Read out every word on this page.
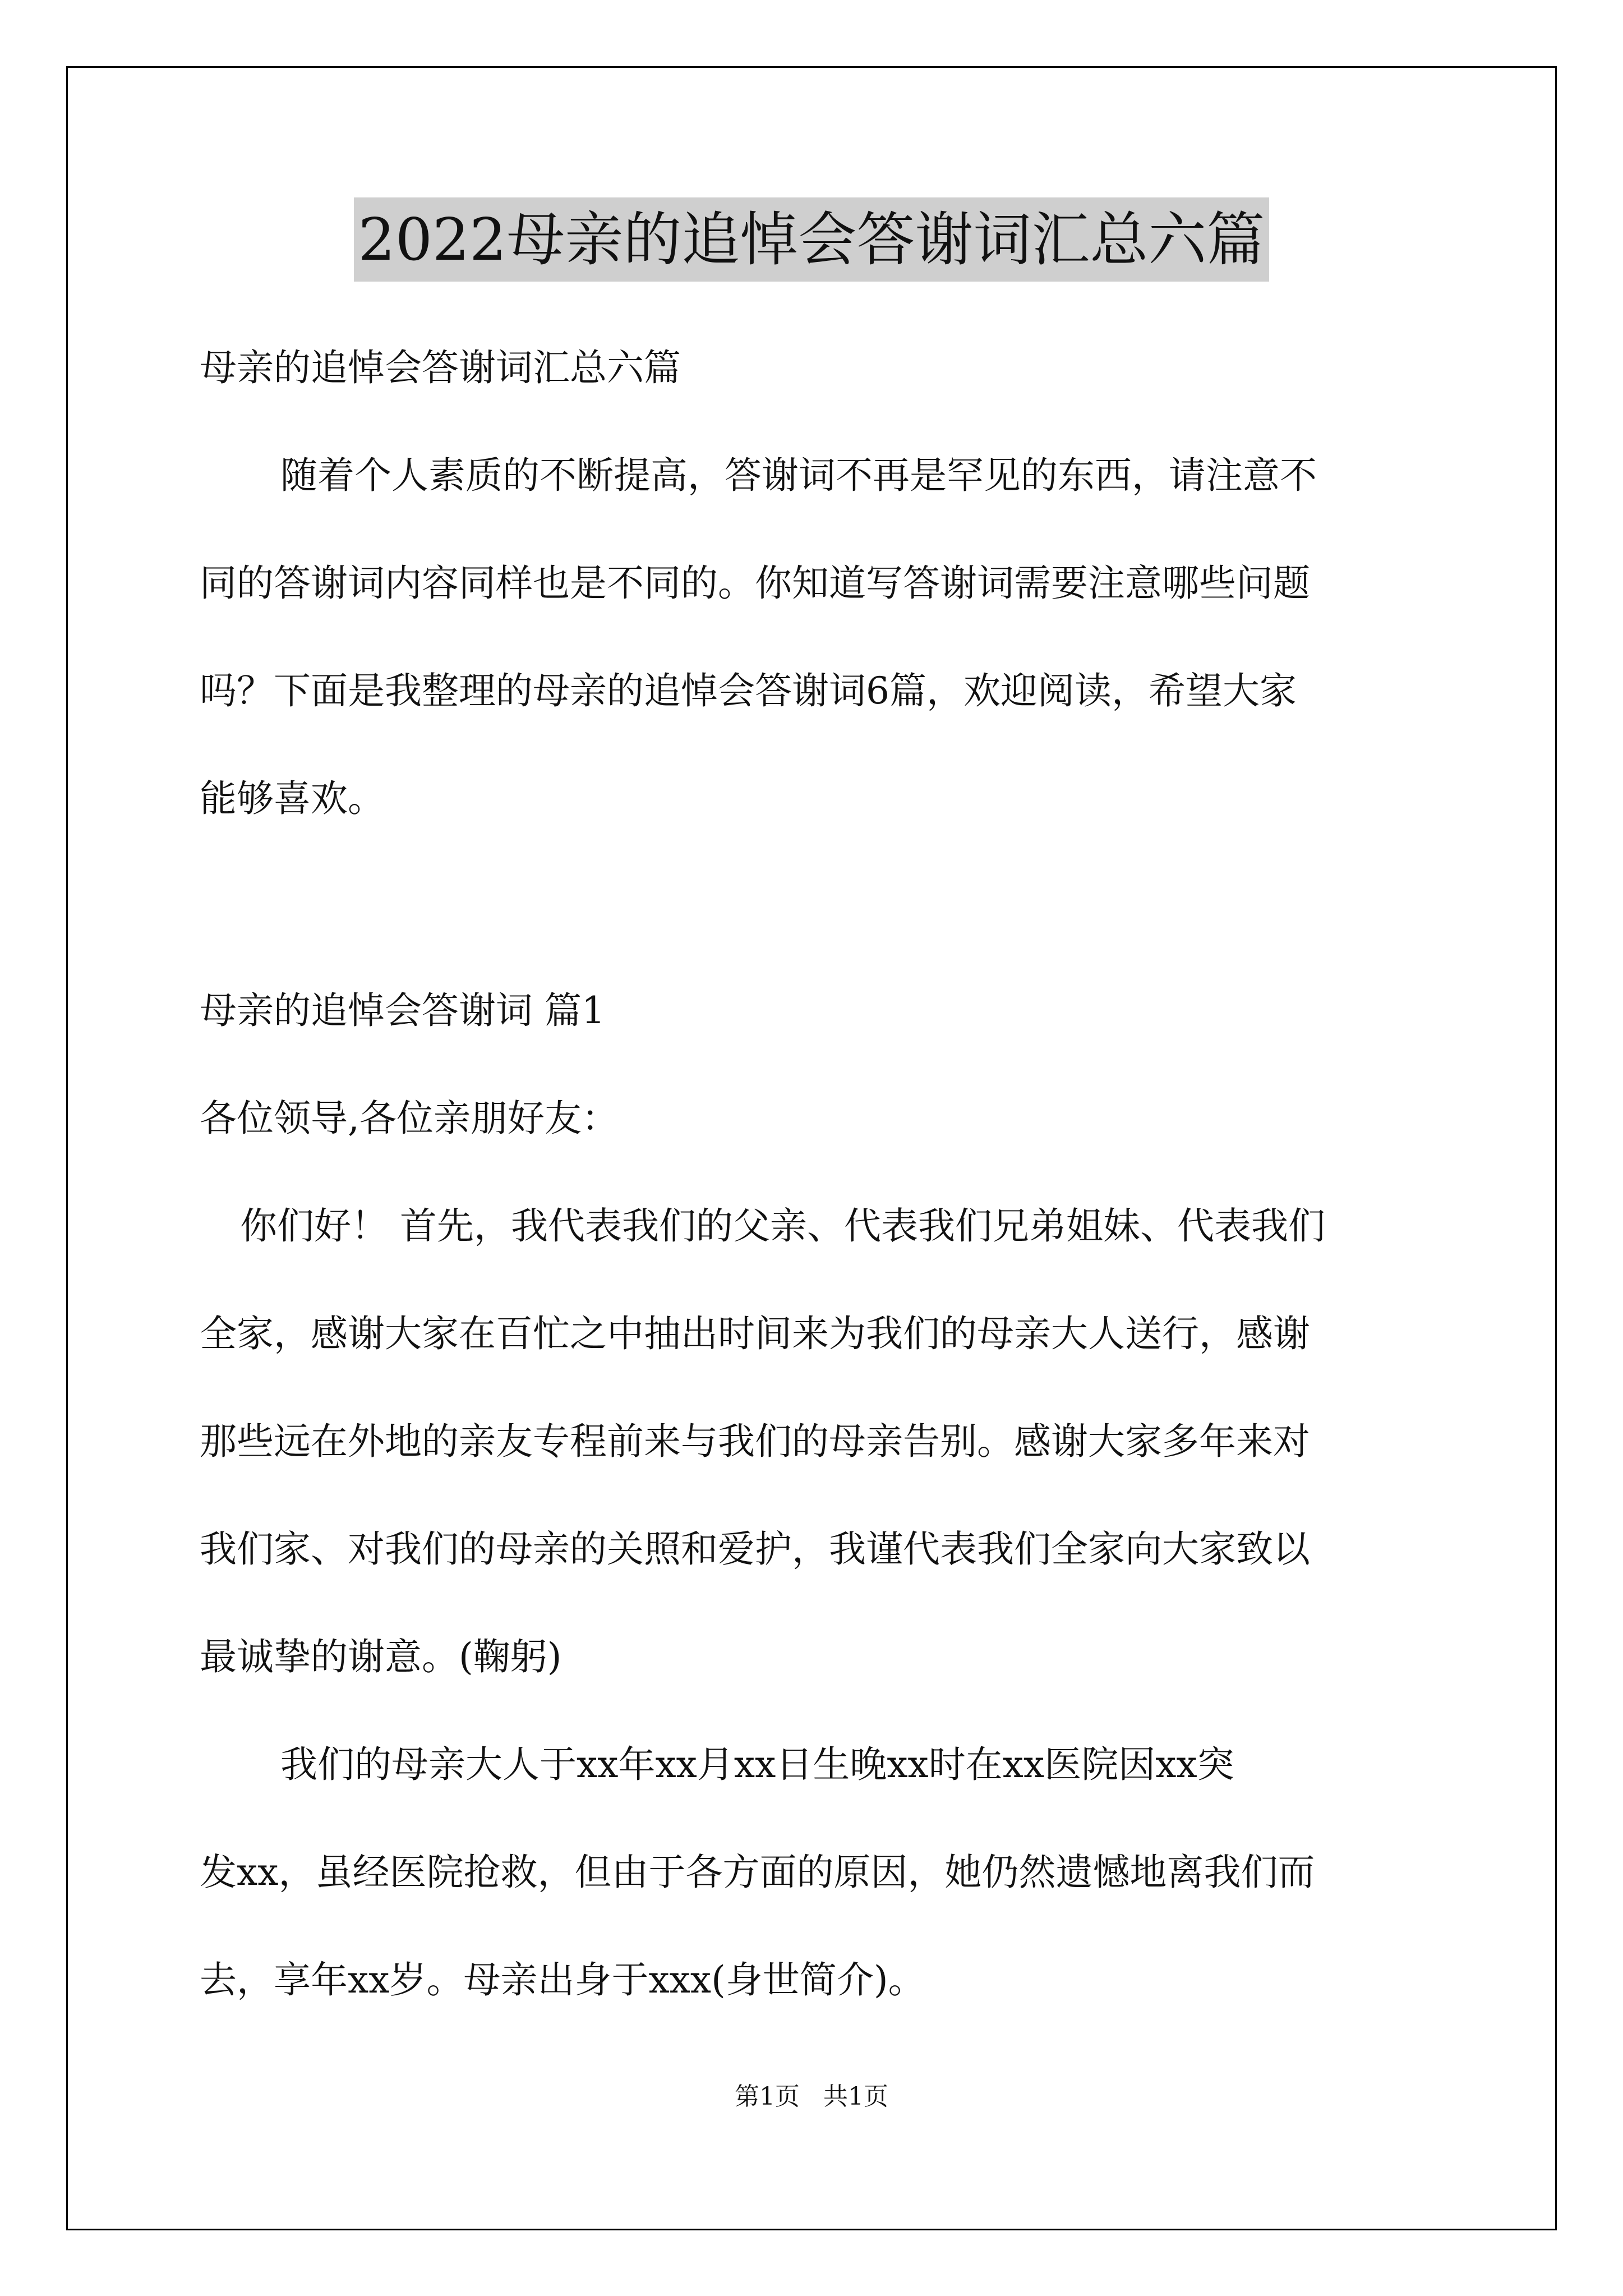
2022母亲的追悼会答谢词汇总六篇

母亲的追悼会答谢词汇总六篇

随着个人素质的不断提高，答谢词不再是罕见的东西，请注意不

同的答谢词内容同样也是不同的。你知道写答谢词需要注意哪些问题

吗？下面是我整理的母亲的追悼会答谢词6篇，欢迎阅读，希望大家

能够喜欢。

母亲的追悼会答谢词 篇1

各位领导,各位亲朋好友：

你们好！ 首先，我代表我们的父亲、代表我们兄弟姐妹、代表我们

全家，感谢大家在百忙之中抽出时间来为我们的母亲大人送行，感谢

那些远在外地的亲友专程前来与我们的母亲告别。感谢大家多年来对

我们家、对我们的母亲的关照和爱护，我谨代表我们全家向大家致以

最诚挚的谢意。(鞠躬)

我们的母亲大人于xx年xx月xx日生晚xx时在xx医院因xx突

发xx，虽经医院抢救，但由于各方面的原因，她仍然遗憾地离我们而

去，享年xx岁。母亲出身于xxx(身世简介)。

第1页   共1页
